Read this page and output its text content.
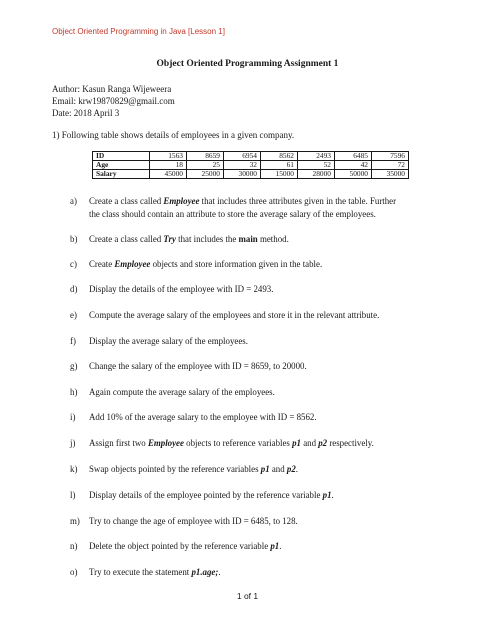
Object Oriented Programming in Java [Lesson 1]
Object Oriented Programming Assignment 1
Author: Kasun Ranga Wijeweera
Email: krw19870829@gmail.com
Date: 2018 April 3
1) Following table shows details of employees in a given company.
ID	1563	8659	6954	8562	2493	6485	7596
Age	18	25	32	61	52	42	72
Salary	45000	25000	30000	15000	28000	50000	35000
a)	Create a class called Employee that includes three attributes given in the table. Further the class should contain an attribute to store the average salary of the employees.
b)	Create a class called Try that includes the main method.
c)	Create Employee objects and store information given in the table.
d)	Display the details of the employee with ID = 2493.
e)	Compute the average salary of the employees and store it in the relevant attribute.
f)	Display the average salary of the employees.
g)	Change the salary of the employee with ID = 8659, to 20000.
h)	Again compute the average salary of the employees.
i)	Add 10% of the average salary to the employee with ID = 8562.
j)	Assign first two Employee objects to reference variables p1 and p2 respectively.
k)	Swap objects pointed by the reference variables p1 and p2.
l)	Display details of the employee pointed by the reference variable p1.
m)	Try to change the age of employee with ID = 6485, to 128.
n)	Delete the object pointed by the reference variable p1.
o)	Try to execute the statement p1.age;.
1 of 1
